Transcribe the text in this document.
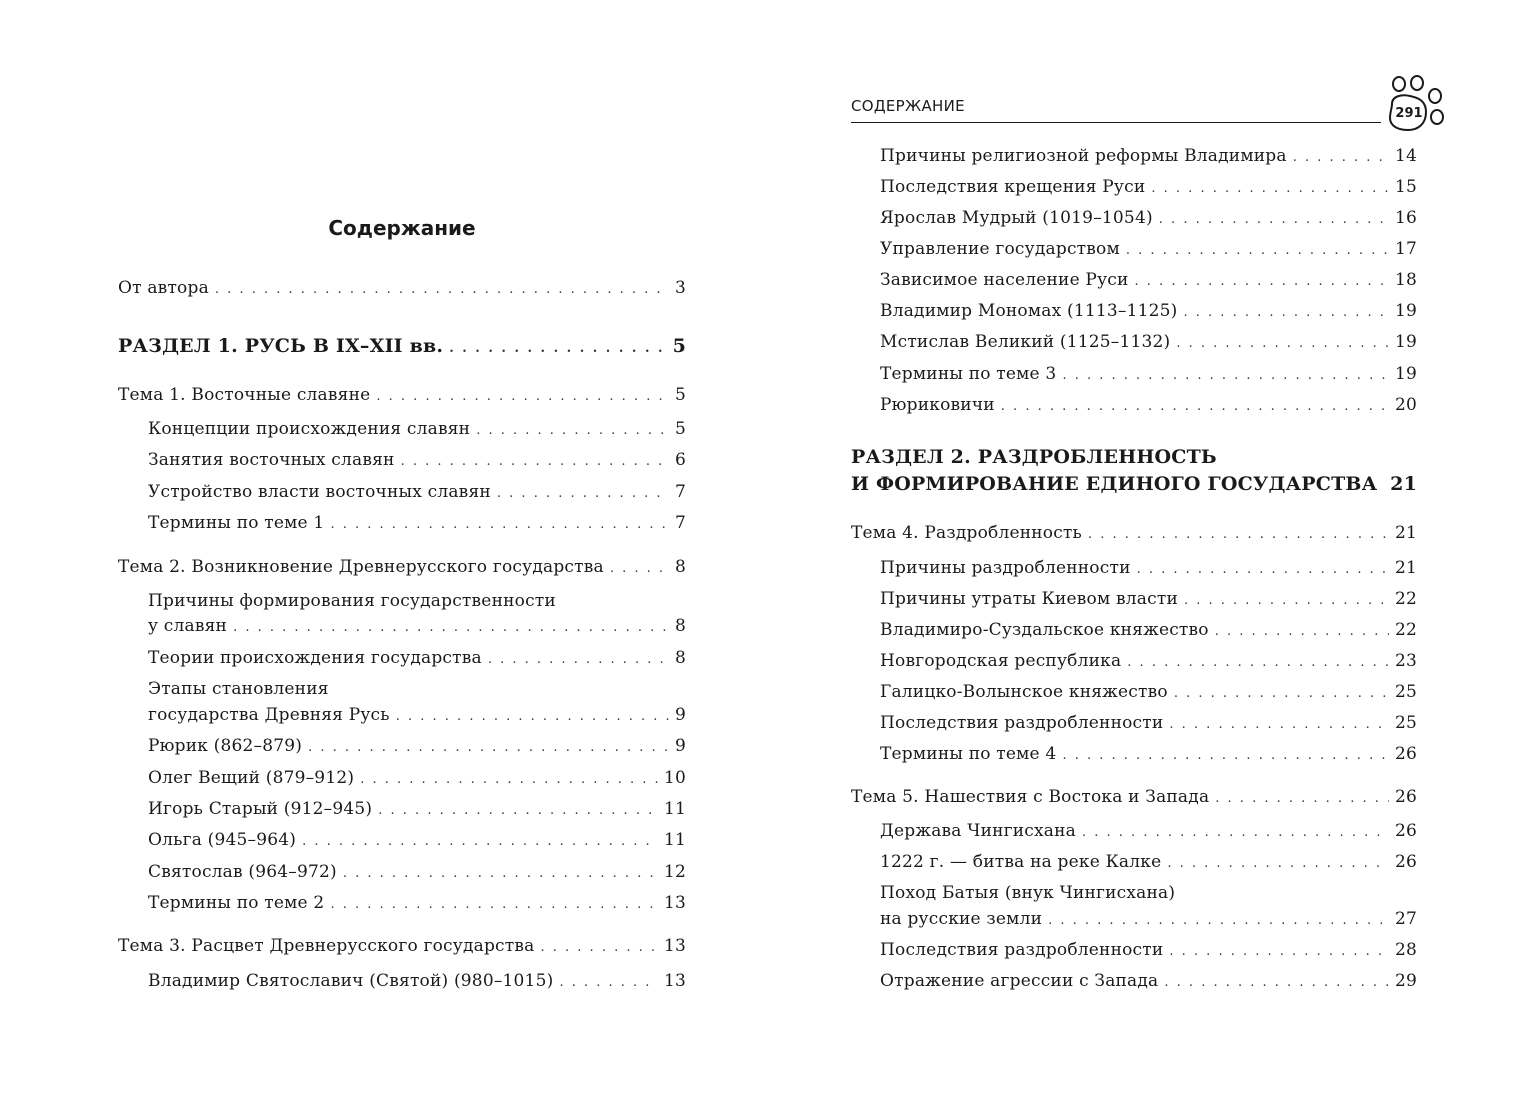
Содержание
От автора . . .	3
РАЗДЕЛ 1. РУСЬ В IX–XII вв. . . .	5
Тема 1. Восточные славяне . . .	5
Концепции происхождения славян . . .	5
Занятия восточных славян . . .	6
Устройство власти восточных славян . . .	7
Термины по теме 1 . . .	7
Тема 2. Возникновение Древнерусского государства . . .	8
Причины формирования государственности
у славян . . .	8
Теории происхождения государства . . .	8
Этапы становления
государства Древняя Русь . . .	9
Рюрик (862–879) . . .	9
Олег Вещий (879–912) . . .	10
Игорь Старый (912–945) . . .	11
Ольга (945–964) . . .	11
Святослав (964–972) . . .	12
Термины по теме 2 . . .	13
Тема 3. Расцвет Древнерусского государства . . .	13
Владимир Святославич (Святой) (980–1015) . . .	13
СОДЕРЖАНИЕ	291
Причины религиозной реформы Владимира . . .	14
Последствия крещения Руси . . .	15
Ярослав Мудрый (1019–1054) . . .	16
Управление государством . . .	17
Зависимое население Руси . . .	18
Владимир Мономах (1113–1125) . . .	19
Мстислав Великий (1125–1132) . . .	19
Термины по теме 3 . . .	19
Рюриковичи . . .	20
РАЗДЕЛ 2. РАЗДРОБЛЕННОСТЬ
И ФОРМИРОВАНИЕ ЕДИНОГО ГОСУДАРСТВА . . . 21
Тема 4. Раздробленность . . .	21
Причины раздробленности . . .	21
Причины утраты Киевом власти . . .	22
Владимиро-Суздальское княжество . . .	22
Новгородская республика . . .	23
Галицко-Волынское княжество . . .	25
Последствия раздробленности . . .	25
Термины по теме 4 . . .	26
Тема 5. Нашествия с Востока и Запада . . .	26
Держава Чингисхана . . .	26
1222 г. — битва на реке Калке . . .	26
Поход Батыя (внук Чингисхана)
на русские земли . . .	27
Последствия раздробленности . . .	28
Отражение агрессии с Запада . . .	29
